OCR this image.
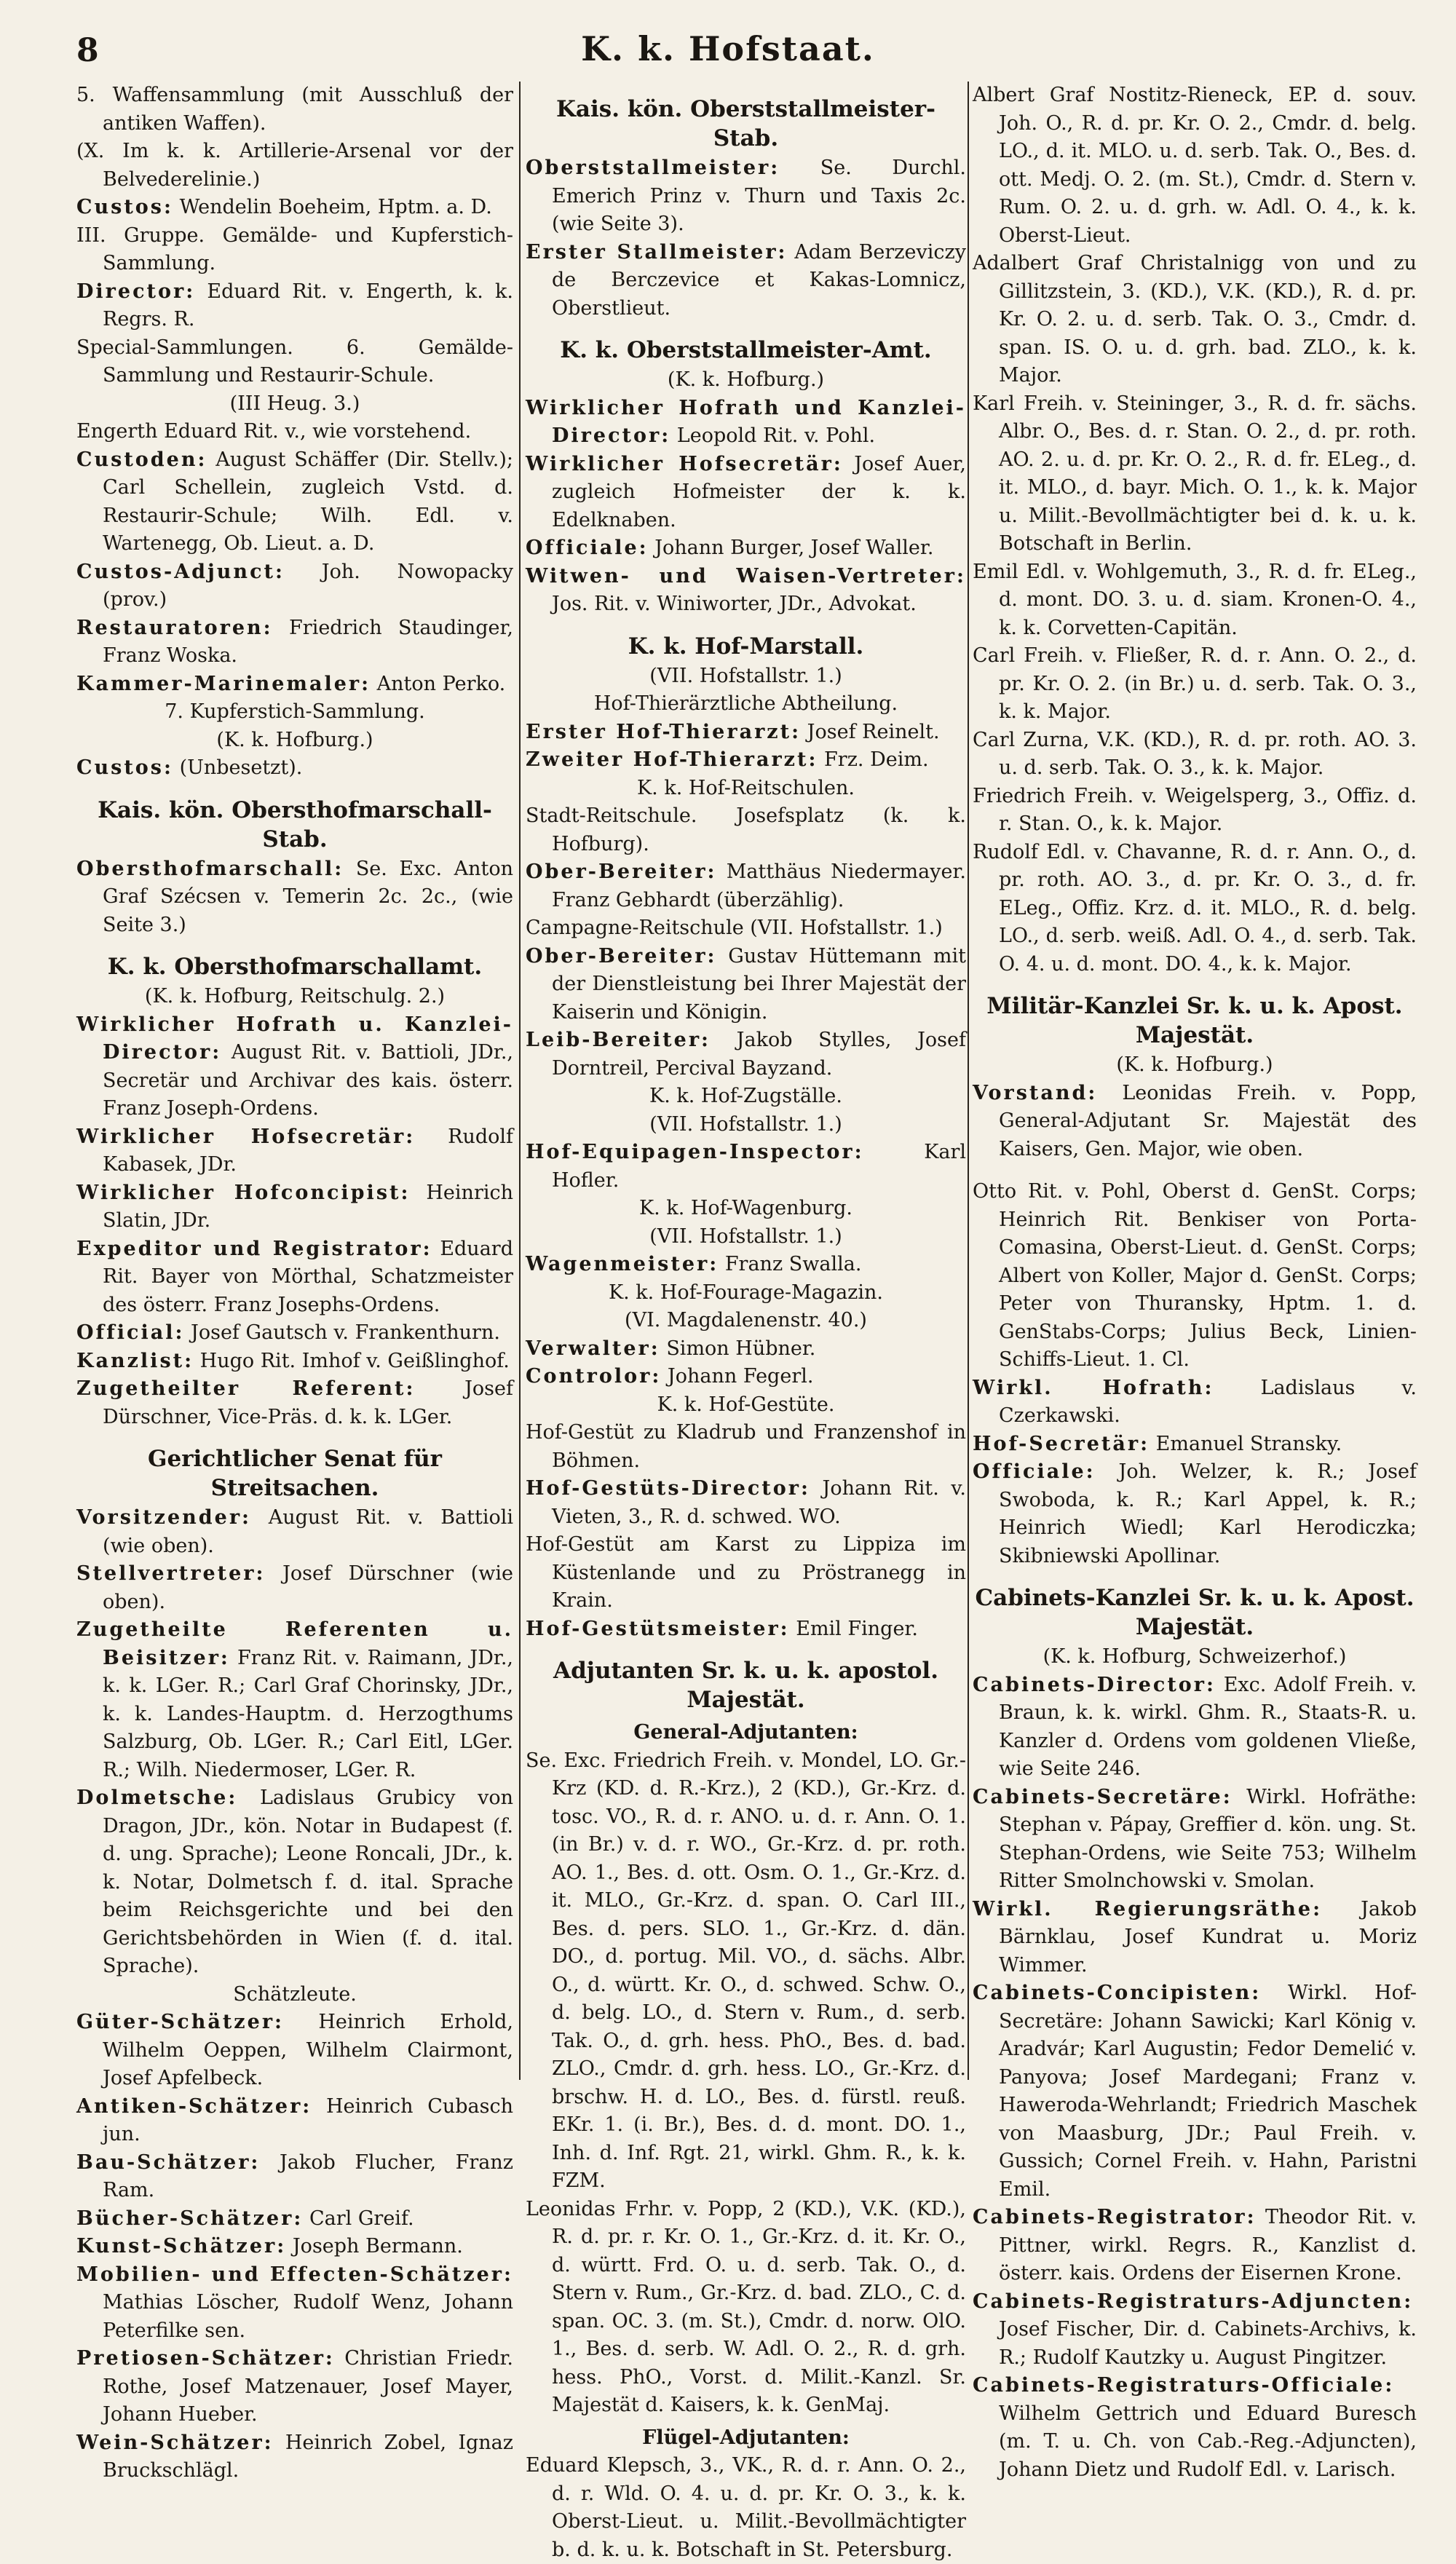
8	K. k. Hofstaat.

5. Waffensammlung (mit Ausschluß der antiken Waffen).

(X. Im k. k. Artillerie-Arsenal vor der Belvederelinie.)

Custos: Wendelin Boeheim, Hptm. a. D.

III. Gruppe. Gemälde- und Kupferstich-Sammlung.

Director: Eduard Rit. v. Engerth, k. k. Regrs. R.

Special-Sammlungen. 6. Gemälde-Sammlung und Restaurir-Schule.

(III Heug. 3.)

Engerth Eduard Rit. v., wie vorstehend.

Custoden: August Schäffer (Dir. Stellv.); Carl Schellein, zugleich Vstd. d. Restaurir-Schule; Wilh. Edl. v. Wartenegg, Ob. Lieut. a. D.

Custos-Adjunct: Joh. Nowopacky (prov.)

Restauratoren: Friedrich Staudinger, Franz Woska.

Kammer-Marinemaler: Anton Perko.

7. Kupferstich-Sammlung.

(K. k. Hofburg.)

Custos: (Unbesetzt).

Kais. kön. Obersthofmarschall-Stab.

Obersthofmarschall: Se. Exc. Anton Graf Szécsen v. Temerin 2c. 2c., (wie Seite 3.)

K. k. Obersthofmarschallamt.

(K. k. Hofburg, Reitschulg. 2.)

Wirklicher Hofrath u. Kanzlei-Director: August Rit. v. Battioli, JDr., Secretär und Archivar des kais. österr. Franz Joseph-Ordens.

Wirklicher Hofsecretär: Rudolf Kabasek, JDr.

Wirklicher Hofconcipist: Heinrich Slatin, JDr.

Expeditor und Registrator: Eduard Rit. Bayer von Mörthal, Schatzmeister des österr. Franz Josephs-Ordens.

Official: Josef Gautsch v. Frankenthurn.

Kanzlist: Hugo Rit. Imhof v. Geißlinghof.

Zugetheilter Referent:	Josef Dürschner, Vice-Präs. d. k. k. LGer.

Gerichtlicher Senat für Streitsachen.

Vorsitzender: August Rit. v. Battioli (wie oben).

Stellvertreter: Josef Dürschner (wie oben).

Zugetheilte Referenten u. Beisitzer: Franz Rit. v. Raimann, JDr., k. k. LGer. R.; Carl Graf Chorinsky, JDr., k. k. Landes-Hauptm. d. Herzogthums Salzburg, Ob. LGer. R.; Carl Eitl, LGer. R.; Wilh. Niedermoser, LGer. R.

Dolmetsche: Ladislaus Grubicy von Dragon, JDr., kön. Notar in Budapest (f. d. ung. Sprache); Leone Roncali, JDr., k. k. Notar, Dolmetsch f. d. ital. Sprache beim Reichsgerichte und bei den Gerichtsbehörden in Wien (f. d. ital. Sprache).

Schätzleute.

Güter-Schätzer: Heinrich Erhold, Wilhelm Oeppen, Wilhelm Clairmont, Josef Apfelbeck.

Antiken-Schätzer: Heinrich Cubasch jun.

Bau-Schätzer: Jakob Flucher, Franz Ram.

Bücher-Schätzer: Carl Greif.

Kunst-Schätzer: Joseph Bermann.

Mobilien- und Effecten-Schätzer: Mathias Löscher, Rudolf Wenz, Johann Peterfilke sen.

Pretiosen-Schätzer: Christian Friedr. Rothe, Josef Matzenauer, Josef Mayer, Johann Hueber.

Wein-Schätzer: Heinrich Zobel, Ignaz Bruckschlägl.

Kais. kön. Oberststallmeister-Stab.

Oberststallmeister: Se. Durchl. Emerich Prinz v. Thurn und Taxis 2c. (wie Seite 3).

Erster Stallmeister: Adam Berzeviczy de Berczevice et Kakas-Lomnicz, Oberstlieut.

K. k. Oberststallmeister-Amt.

(K. k. Hofburg.)

Wirklicher Hofrath und Kanzlei-Director: Leopold Rit. v. Pohl.

Wirklicher Hofsecretär: Josef Auer, zugleich Hofmeister der k. k. Edelknaben.

Officiale: Johann Burger, Josef Waller.

Witwen- und Waisen-Vertreter: Jos. Rit. v. Winiworter, JDr., Advokat.

K. k. Hof-Marstall.

(VII. Hofstallstr. 1.)

Hof-Thierärztliche Abtheilung.

Erster Hof-Thierarzt: Josef Reinelt.

Zweiter Hof-Thierarzt: Frz. Deim.

K. k. Hof-Reitschulen.

Stadt-Reitschule. Josefsplatz (k. k. Hofburg).

Ober-Bereiter: Matthäus Niedermayer. Franz Gebhardt (überzählig).

Campagne-Reitschule (VII. Hofstallstr. 1.)

Ober-Bereiter: Gustav Hüttemann mit der Dienstleistung bei Ihrer Majestät der Kaiserin und Königin.

Leib-Bereiter: Jakob Stylles, Josef Dorntreil, Percival Bayzand.

K. k. Hof-Zugställe.

(VII. Hofstallstr. 1.)

Hof-Equipagen-Inspector:	Karl Hofler.

K. k. Hof-Wagenburg.

(VII. Hofstallstr. 1.)

Wagenmeister: Franz Swalla.

K. k. Hof-Fourage-Magazin.

(VI. Magdalenenstr. 40.)

Verwalter: Simon Hübner.

Controlor: Johann Fegerl.

K. k. Hof-Gestüte.

Hof-Gestüt zu Kladrub und Franzenshof in Böhmen.

Hof-Gestüts-Director: Johann Rit. v. Vieten, 3., R. d. schwed. WO.

Hof-Gestüt am Karst zu Lippiza im Küstenlande und zu Pröstranegg in Krain.

Hof-Gestütsmeister: Emil Finger.

Adjutanten Sr. k. u. k. apostol. Majestät.

General-Adjutanten:

Se. Exc. Friedrich Freih. v. Mondel, LO. Gr.-Krz (KD. d. R.-Krz.), 2 (KD.), Gr.-Krz. d. tosc. VO., R. d. r. ANO. u. d. r. Ann. O. 1. (in Br.) v. d. r. WO., Gr.-Krz. d. pr. roth. AO. 1., Bes. d. ott. Osm. O. 1., Gr.-Krz. d. it. MLO., Gr.-Krz. d. span. O. Carl III., Bes. d. pers. SLO. 1., Gr.-Krz. d. dän. DO., d. portug. Mil. VO., d. sächs. Albr. O., d. württ. Kr. O., d. schwed. Schw. O., d. belg. LO., d. Stern v. Rum., d. serb. Tak. O., d. grh. hess. PhO., Bes. d. bad. ZLO., Cmdr. d. grh. hess. LO., Gr.-Krz. d. brschw. H. d. LO., Bes. d. fürstl. reuß. EKr. 1. (i. Br.), Bes. d. d. mont. DO. 1., Inh. d. Inf. Rgt. 21, wirkl. Ghm. R., k. k. FZM.

Leonidas Frhr. v. Popp, 2 (KD.), V.K. (KD.), R. d. pr. r. Kr. O. 1., Gr.-Krz. d. it. Kr. O., d. württ. Frd. O. u. d. serb. Tak. O., d. Stern v. Rum., Gr.-Krz. d. bad. ZLO., C. d. span. OC. 3. (m. St.), Cmdr. d. norw. OlO. 1., Bes. d. serb. W. Adl. O. 2., R. d. grh. hess. PhO., Vorst. d. Milit.-Kanzl. Sr. Majestät d. Kaisers, k. k. GenMaj.

Flügel-Adjutanten:

Eduard Klepsch, 3., VK., R. d. r. Ann. O. 2., d. r. Wld. O. 4. u. d. pr. Kr. O. 3., k. k. Oberst-Lieut. u. Milit.-Bevollmächtigter b. d. k. u. k. Botschaft in St. Petersburg.

Albert Graf Nostitz-Rieneck, EP. d. souv. Joh. O., R. d. pr. Kr. O. 2., Cmdr. d. belg. LO., d. it. MLO. u. d. serb. Tak. O., Bes. d. ott. Medj. O. 2. (m. St.), Cmdr. d. Stern v. Rum. O. 2. u. d. grh. w. Adl. O. 4., k. k. Oberst-Lieut.

Adalbert Graf Christalnigg von und zu Gillitzstein, 3. (KD.), V.K. (KD.), R. d. pr. Kr. O. 2. u. d. serb. Tak. O. 3., Cmdr. d. span. IS. O. u. d. grh. bad. ZLO., k. k. Major.

Karl Freih. v. Steininger, 3., R. d. fr. sächs. Albr. O., Bes. d. r. Stan. O. 2., d. pr. roth. AO. 2. u. d. pr. Kr. O. 2., R. d. fr. ELeg., d. it. MLO., d. bayr. Mich. O. 1., k. k. Major u. Milit.-Bevollmächtigter bei d. k. u. k. Botschaft in Berlin.

Emil Edl. v. Wohlgemuth, 3., R. d. fr. ELeg., d. mont. DO. 3. u. d. siam. Kronen-O. 4., k. k. Corvetten-Capitän.

Carl Freih. v. Fließer, R. d. r. Ann. O. 2., d. pr. Kr. O. 2. (in Br.) u. d. serb. Tak. O. 3., k. k. Major.

Carl Zurna, V.K. (KD.), R. d. pr. roth. AO. 3. u. d. serb. Tak. O. 3., k. k. Major.

Friedrich Freih. v. Weigelsperg, 3., Offiz. d. r. Stan. O., k. k. Major.

Rudolf Edl. v. Chavanne, R. d. r. Ann. O., d. pr. roth. AO. 3., d. pr. Kr. O. 3., d. fr. ELeg., Offiz. Krz. d. it. MLO., R. d. belg. LO., d. serb. weiß. Adl. O. 4., d. serb. Tak. O. 4. u. d. mont. DO. 4., k. k. Major.

Militär-Kanzlei Sr. k. u. k. Apost. Majestät.

(K. k. Hofburg.)

Vorstand: Leonidas Freih. v. Popp, General-Adjutant Sr. Majestät des Kaisers, Gen. Major, wie oben.

Otto Rit. v. Pohl, Oberst d. GenSt. Corps; Heinrich Rit. Benkiser von Porta-Comasina, Oberst-Lieut. d. GenSt. Corps; Albert von Koller, Major d. GenSt. Corps; Peter von Thuransky, Hptm. 1. d. GenStabs-Corps; Julius Beck, Linien-Schiffs-Lieut. 1. Cl.

Wirkl. Hofrath: Ladislaus v. Czerkawski.

Hof-Secretär: Emanuel Stransky.

Officiale: Joh. Welzer, k. R.; Josef Swoboda, k. R.; Karl Appel, k. R.; Heinrich Wiedl; Karl Herodiczka; Skibniewski Apollinar.

Cabinets-Kanzlei Sr. k. u. k. Apost. Majestät.

(K. k. Hofburg, Schweizerhof.)

Cabinets-Director: Exc. Adolf Freih. v. Braun, k. k. wirkl. Ghm. R., Staats-R. u. Kanzler d. Ordens vom goldenen Vließe, wie Seite 246.

Cabinets-Secretäre: Wirkl. Hofräthe: Stephan v. Pápay, Greffier d. kön. ung. St. Stephan-Ordens, wie Seite 753; Wilhelm Ritter Smolnchowski v. Smolan.

Wirkl. Regierungsräthe: Jakob Bärnklau, Josef Kundrat u. Moriz Wimmer.

Cabinets-Concipisten: Wirkl. Hof-Secretäre: Johann Sawicki; Karl König v. Aradvár; Karl Augustin; Fedor Demelić v. Panyova; Josef Mardegani; Franz v. Haweroda-Wehrlandt; Friedrich Maschek von Maasburg, JDr.; Paul Freih. v. Gussich; Cornel Freih. v. Hahn, Paristni Emil.

Cabinets-Registrator: Theodor Rit. v. Pittner, wirkl. Regrs. R., Kanzlist d. österr. kais. Ordens der Eisernen Krone.

Cabinets-Registraturs-Adjuncten: Josef Fischer, Dir. d. Cabinets-Archivs, k. R.; Rudolf Kautzky u. August Pingitzer.

Cabinets-Registraturs-Officiale: Wilhelm Gettrich und Eduard Buresch (m. T. u. Ch. von Cab.-Reg.-Adjuncten), Johann Dietz und Rudolf Edl. v. Larisch.
